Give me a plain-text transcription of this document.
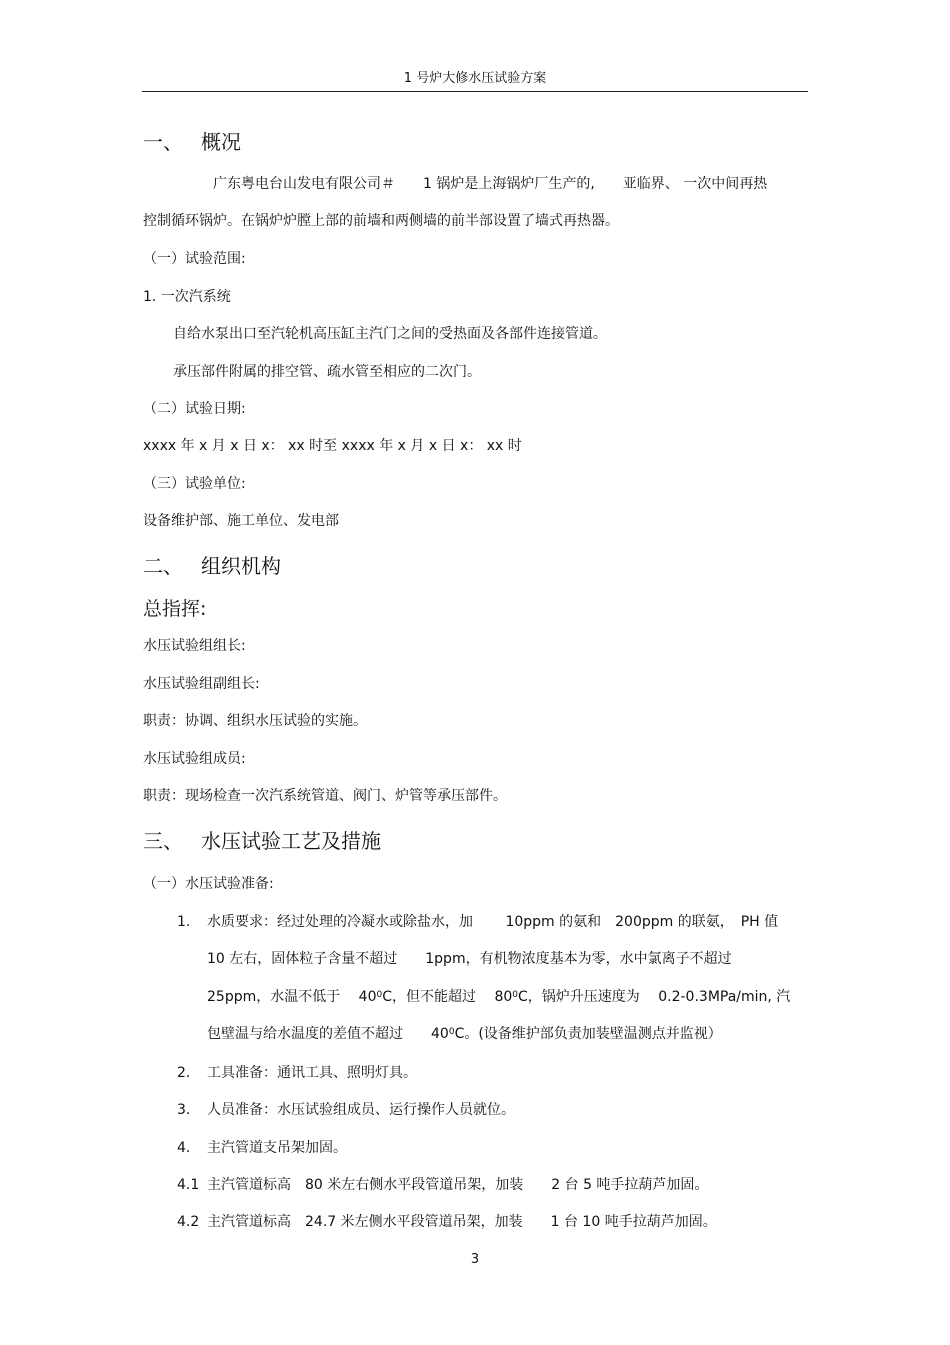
1 号炉大修水压试验方案
一、 概况
广东粤电台山发电有限公司＃　　1 锅炉是上海锅炉厂生产的,　　亚临界、 一次中间再热
控制循环锅炉。在锅炉炉膛上部的前墙和两侧墙的前半部设置了墙式再热器。
（一）试验范围:
1. 一次汽系统
自给水泵出口至汽轮机高压缸主汽门之间的受热面及各部件连接管道。
承压部件附属的排空管、疏水管至相应的二次门。
（二）试验日期:
xxxx 年 x 月 x 日 x： xx 时至 xxxx 年 x 月 x 日 x： xx 时
（三）试验单位:
设备维护部、施工单位、发电部
二、 组织机构
总指挥:
水压试验组组长:
水压试验组副组长:
职责：协调、组织水压试验的实施。
水压试验组成员:
职责：现场检查一次汽系统管道、阀门、炉管等承压部件。
三、 水压试验工艺及措施
（一）水压试验准备:
1. 水质要求：经过处理的冷凝水或除盐水，加　　 10ppm 的氨和　200ppm 的联氨，　PH 值
10 左右，固体粒子含量不超过　　1ppm，有机物浓度基本为零，水中氯离子不超过
25ppm，水温不低于　 $40^0C$，但不能超过　 $80^0C$，锅炉升压速度为　 0.2-0.3MPa/min, 汽
包壁温与给水温度的差值不超过　　$40^0C$。(设备维护部负责加装壁温测点并监视）
2. 工具准备：通讯工具、照明灯具。
3. 人员准备：水压试验组成员、运行操作人员就位。
4. 主汽管道支吊架加固。
4.1 主汽管道标高　80 米左右侧水平段管道吊架，加装　　2 台 5 吨手拉葫芦加固。
4.2 主汽管道标高　24.7 米左侧水平段管道吊架，加装　　1 台 10 吨手拉葫芦加固。
3
